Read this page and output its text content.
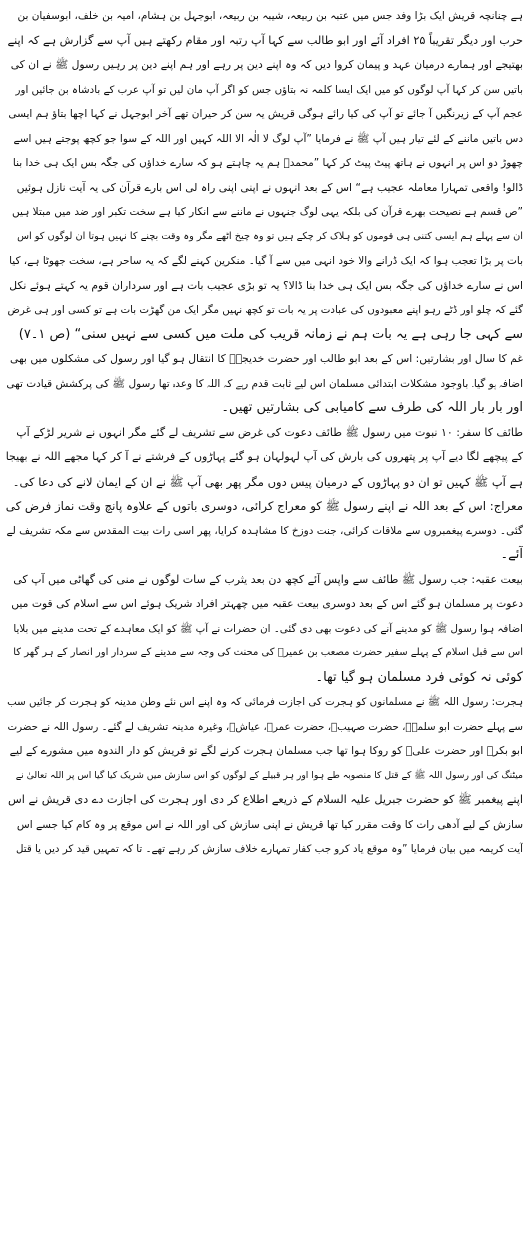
ہے چنانچہ قریش ایک بڑا وفد جس میں عتبہ بن ربیعہ، شیبہ بن ربیعہ، ابوجہل بن ہشام، امیہ بن خلف، ابوسفیان بن
حرب اور دیگر تقریباً ۲۵ افراد آئے اور ابو طالب سے کہا آپ رتبہ اور مقام رکھتے ہیں آپ سے گزارش ہے کہ اپنے
بھتیجے اور ہمارے درمیان عہد و پیمان کروا دیں کہ وہ اپنے دین پر رہے اور ہم اپنے دین پر رہیں رسول ﷺ نے ان کی
باتیں سن کر کہا آپ لوگوں کو میں ایک ایسا کلمہ نہ بتاؤں جس کو اگر آپ مان لیں تو آپ عرب کے بادشاہ بن جائیں اور
عجم آپ کے زیرنگیں آ جائے تو آپ کی کیا رائے ہوگی قریش یہ سن کر حیران تھے آخر ابوجہل نے کہا اچھا بتاؤ ہم ایسی
دس باتیں ماننے کے لئے تیار ہیں آپ ﷺ نے فرمایا ”آپ لوگ لا الٰہ الا اللہ کہیں اور اللہ کے سوا جو کچھ پوجتے ہیں اسے
چھوڑ دو اس پر انہوں نے ہاتھ پیٹ پیٹ کر کہا ”محمدؐ ہم یہ چاہتے ہو کہ سارے خداؤں کی جگہ بس ایک ہی خدا بنا
ڈالو! واقعی تمہارا معاملہ عجیب ہے“ اس کے بعد انہوں نے اپنی اپنی راہ لی اس بارے قرآن کی یہ آیت نازل ہوئیں
”ص قسم ہے نصیحت بھرے قرآن کی بلکہ یہی لوگ جنہوں نے ماننے سے انکار کیا ہے سخت تکبر اور ضد میں مبتلا ہیں
ان سے پہلے ہم ایسی کتنی ہی قوموں کو ہلاک کر چکے ہیں تو وہ چیخ اٹھے مگر وہ وقت بچنے کا نہیں ہوتا ان لوگوں کو اس
بات پر بڑا تعجب ہوا کہ ایک ڈرانے والا خود انہی میں سے آ گیا۔ منکرین کہنے لگے کہ یہ ساحر ہے، سخت جھوٹا ہے، کیا
اس نے سارے خداؤں کی جگہ بس ایک ہی خدا بنا ڈالا؟ یہ تو بڑی عجیب بات ہے اور سرداران قوم یہ کہتے ہوئے نکل
گئے کہ چلو اور ڈٹے رہو اپنے معبودوں کی عبادت پر یہ بات تو کچھ نہیں مگر ایک من گھڑت بات ہے تو کسی اور ہی غرض
سے کہی جا رہی ہے یہ بات ہم نے زمانہ قریب کی ملت میں کسی سے نہیں سنی“ (ص ۱۔۷)
غم کا سال اور بشارتیں: اس کے بعد ابو طالب اور حضرت خدیجہؓ کا انتقال ہو گیا اور رسول کی مشکلوں میں بھی
اضافہ ہو گیا۔ باوجود مشکلات ابتدائی مسلمان اس لیے ثابت قدم رہے کہ اللہ کا وعدہ تھا رسول ﷺ کی پرکشش قیادت تھی
اور بار بار اللہ کی طرف سے کامیابی کی بشارتیں تھیں۔
طائف کا سفر: ۱۰ نبوت میں رسول ﷺ طائف دعوت کی غرض سے تشریف لے گئے مگر انہوں نے شریر لڑکے آپ
کے پیچھے لگا دیے آپ پر پتھروں کی بارش کی آپ لہولہان ہو گئے پہاڑوں کے فرشتے نے آ کر کہا مجھے اللہ نے بھیجا
ہے آپ ﷺ کہیں تو ان دو پہاڑوں کے درمیان پیس دوں مگر پھر بھی آپ ﷺ نے ان کے ایمان لانے کی دعا کی۔
معراج: اس کے بعد اللہ نے اپنے رسول ﷺ کو معراج کرائی، دوسری باتوں کے علاوہ پانچ وقت نماز فرض کی
گئی۔ دوسرے پیغمبروں سے ملاقات کرائی، جنت دوزخ کا مشاہدہ کرایا، پھر اسی رات بیت المقدس سے مکہ تشریف لے
آئے۔
بیعت عقبہ: جب رسول ﷺ طائف سے واپس آئے کچھ دن بعد یثرب کے سات لوگوں نے منی کی گھاٹی میں آپ کی
دعوت پر مسلمان ہو گئے اس کے بعد دوسری بیعت عقبہ میں چھہتر افراد شریک ہوئے اس سے اسلام کی قوت میں
اضافہ ہوا رسول ﷺ کو مدینے آنے کی دعوت بھی دی گئی۔ ان حضرات نے آپ ﷺ کو ایک معاہدے کے تحت مدینے میں بلایا
اس سے قبل اسلام کے پہلے سفیر حضرت مصعب بن عمیرؓ کی محنت کی وجہ سے مدینے کے سردار اور انصار کے ہر گھر کا
کوئی نہ کوئی فرد مسلمان ہو گیا تھا۔
ہجرت: رسول اللہ ﷺ نے مسلمانوں کو ہجرت کی اجازت فرمائی کہ وہ اپنے اس نئے وطن مدینہ کو ہجرت کر جائیں سب
سے پہلے حضرت ابو سلمہؓ، حضرت صہیبؓ، حضرت عمرؓ، عیاشؓ، وغیرہ مدینہ تشریف لے گئے۔ رسول اللہ نے حضرت
ابو بکرؓ اور حضرت علیؓ کو روکا ہوا تھا جب مسلمان ہجرت کرنے لگے تو قریش کو دار الندوہ میں مشورے کے لیے
میٹنگ کی اور رسول اللہ ﷺ کے قتل کا منصوبہ طے ہوا اور ہر قبیلے کے لوگوں کو اس سازش میں شریک کیا گیا اس پر اللہ تعالیٰ نے
اپنے پیغمبر ﷺ کو حضرت جبریل علیہ السلام کے ذریعے اطلاع کر دی اور ہجرت کی اجازت دے دی قریش نے اس
سازش کے لیے آدھی رات کا وقت مقرر کیا تھا قریش نے اپنی سازش کی اور اللہ نے اس موقع پر وہ کام کیا جسے اس
آیت کریمہ میں بیان فرمایا ”وہ موقع یاد کرو جب کفار تمہارے خلاف سازش کر رہے تھے۔ تا کہ تمہیں قید کر دیں یا قتل
